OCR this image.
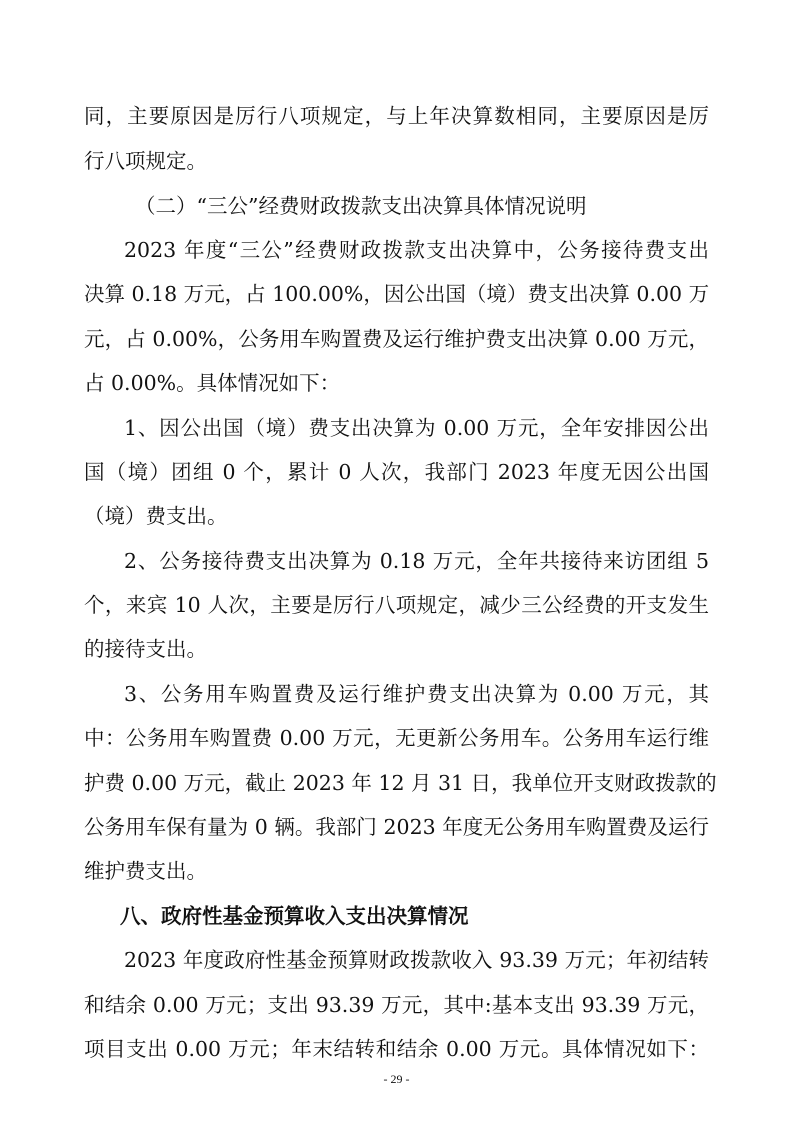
同，主要原因是厉行八项规定，与上年决算数相同，主要原因是厉

行八项规定。

（二）“三公”经费财政拨款支出决算具体情况说明

2023 年度“三公”经费财政拨款支出决算中，公务接待费支出

决算 0.18 万元，占 100.00%，因公出国（境）费支出决算 0.00 万

元，占 0.00%，公务用车购置费及运行维护费支出决算 0.00 万元，

占 0.00%。具体情况如下：

1、因公出国（境）费支出决算为 0.00 万元，全年安排因公出

国（境）团组 0 个，累计 0 人次，我部门 2023 年度无因公出国

（境）费支出。

2、公务接待费支出决算为 0.18 万元，全年共接待来访团组 5

个，来宾 10 人次，主要是厉行八项规定，减少三公经费的开支发生

的接待支出。

3、公务用车购置费及运行维护费支出决算为 0.00 万元，其

中：公务用车购置费 0.00 万元，无更新公务用车。公务用车运行维

护费 0.00 万元，截止 2023 年 12 月 31 日，我单位开支财政拨款的

公务用车保有量为 0 辆。我部门 2023 年度无公务用车购置费及运行

维护费支出。

八、政府性基金预算收入支出决算情况

2023 年度政府性基金预算财政拨款收入 93.39 万元；年初结转

和结余 0.00 万元；支出 93.39 万元，其中:基本支出 93.39 万元，

项目支出 0.00 万元；年末结转和结余 0.00 万元。具体情况如下：

- 29 -
